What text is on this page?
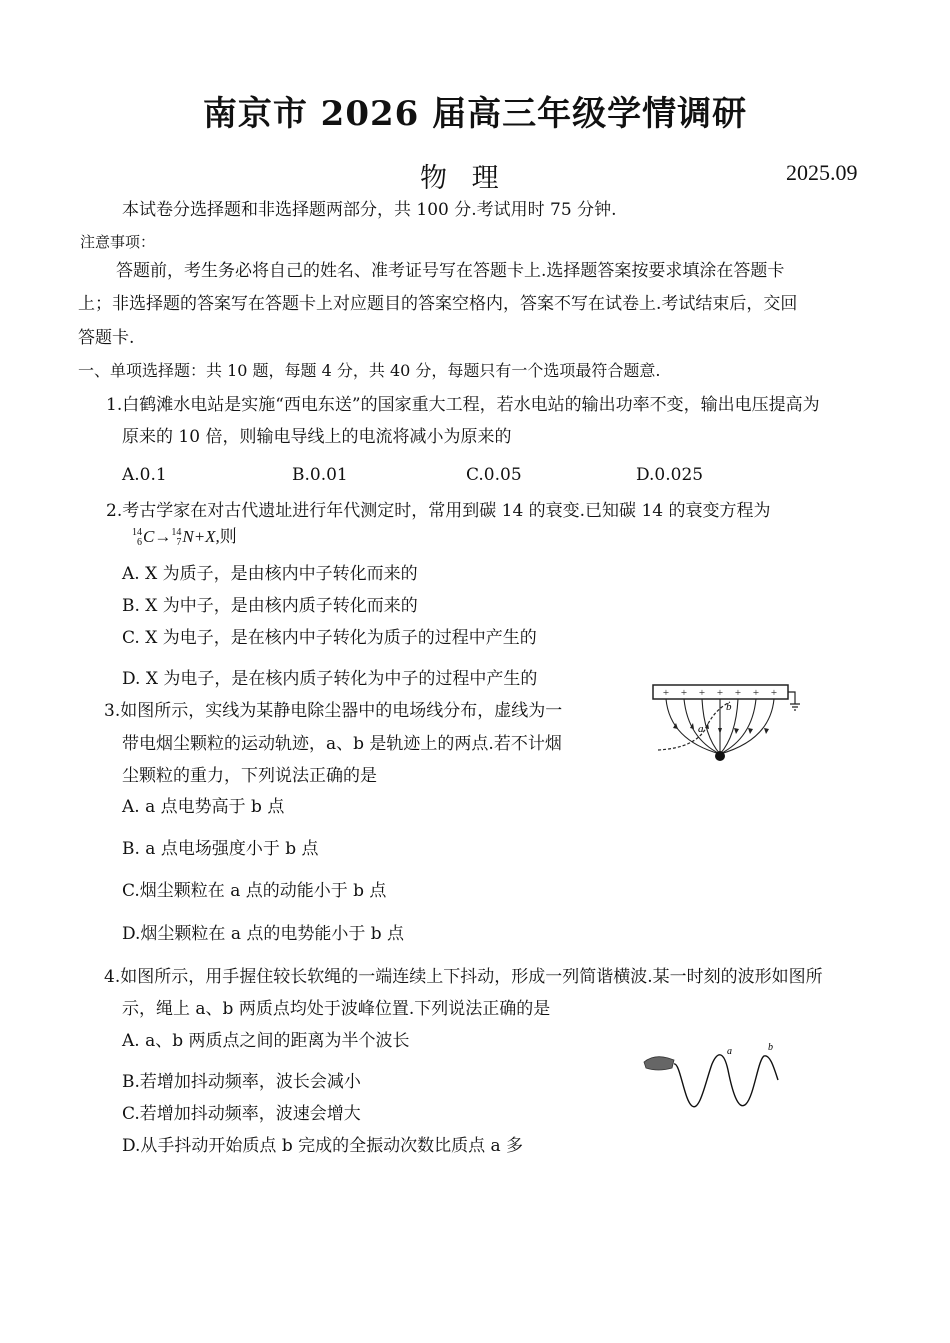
南京市 2026 届高三年级学情调研
物 理	2025.09
本试卷分选择题和非选择题两部分，共 100 分.考试用时 75 分钟.
注意事项：
答题前，考生务必将自己的姓名、准考证号写在答题卡上.选择题答案按要求填涂在答题卡
上；非选择题的答案写在答题卡上对应题目的答案空格内，答案不写在试卷上.考试结束后，交回
答题卡.
一、单项选择题：共 10 题，每题 4 分，共 40 分，每题只有一个选项最符合题意.
1.白鹤滩水电站是实施“西电东送”的国家重大工程，若水电站的输出功率不变，输出电压提高为
原来的 10 倍，则输电导线上的电流将减小为原来的
A.0.1	B.0.01	C.0.05	D.0.025
2.考古学家在对古代遗址进行年代测定时，常用到碳 14 的衰变.已知碳 14 的衰变方程为
14
6 C→ 14
7 N+X,则
A. X 为质子，是由核内中子转化而来的
B. X 为中子，是由核内质子转化而来的
C. X 为电子，是在核内中子转化为质子的过程中产生的
D. X 为电子，是在核内质子转化为中子的过程中产生的
3.如图所示，实线为某静电除尘器中的电场线分布，虚线为一
带电烟尘颗粒的运动轨迹，a、b 是轨迹上的两点.若不计烟
尘颗粒的重力，下列说法正确的是
A. a 点电势高于 b 点
B. a 点电场强度小于 b 点
C.烟尘颗粒在 a 点的动能小于 b 点
D.烟尘颗粒在 a 点的电势能小于 b 点
+ + + + + + +
a
b
4.如图所示，用手握住较长软绳的一端连续上下抖动，形成一列简谐横波.某一时刻的波形如图所
示，绳上 a、b 两质点均处于波峰位置.下列说法正确的是
A. a、b 两质点之间的距离为半个波长
B.若增加抖动频率，波长会减小
C.若增加抖动频率，波速会增大
D.从手抖动开始质点 b 完成的全振动次数比质点 a 多
a	b
